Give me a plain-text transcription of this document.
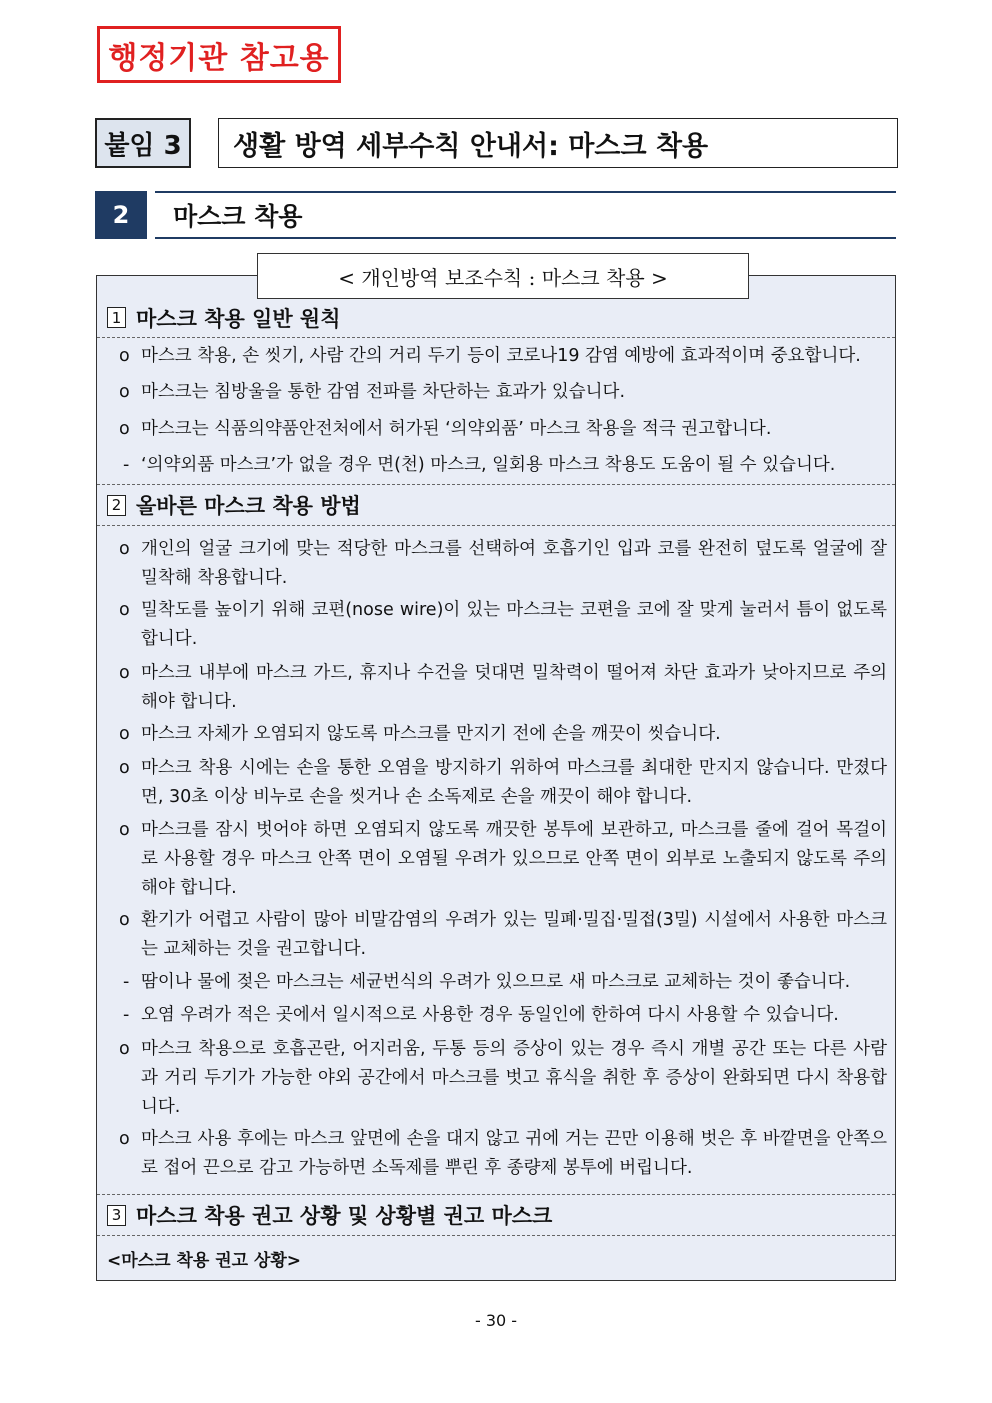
행정기관 참고용
붙임 3	생활 방역 세부수칙 안내서: 마스크 착용
2	마스크 착용
< 개인방역 보조수칙 : 마스크 착용 >
1 마스크 착용 일반 원칙
o 마스크 착용, 손 씻기, 사람 간의 거리 두기 등이 코로나19 감염 예방에 효과적이며 중요합니다.
o 마스크는 침방울을 통한 감염 전파를 차단하는 효과가 있습니다.
o 마스크는 식품의약품안전처에서 허가된 ‘의약외품’ 마스크 착용을 적극 권고합니다.
- ‘의약외품 마스크’가 없을 경우 면(천) 마스크, 일회용 마스크 착용도 도움이 될 수 있습니다.
2 올바른 마스크 착용 방법
o 개인의 얼굴 크기에 맞는 적당한 마스크를 선택하여 호흡기인 입과 코를 완전히 덮도록 얼굴에 잘 밀착해 착용합니다.
o 밀착도를 높이기 위해 코편(nose wire)이 있는 마스크는 코편을 코에 잘 맞게 눌러서 틈이 없도록 합니다.
o 마스크 내부에 마스크 가드, 휴지나 수건을 덧대면 밀착력이 떨어져 차단 효과가 낮아지므로 주의해야 합니다.
o 마스크 자체가 오염되지 않도록 마스크를 만지기 전에 손을 깨끗이 씻습니다.
o 마스크 착용 시에는 손을 통한 오염을 방지하기 위하여 마스크를 최대한 만지지 않습니다. 만졌다면, 30초 이상 비누로 손을 씻거나 손 소독제로 손을 깨끗이 해야 합니다.
o 마스크를 잠시 벗어야 하면 오염되지 않도록 깨끗한 봉투에 보관하고, 마스크를 줄에 걸어 목걸이로 사용할 경우 마스크 안쪽 면이 오염될 우려가 있으므로 안쪽 면이 외부로 노출되지 않도록 주의해야 합니다.
o 환기가 어렵고 사람이 많아 비말감염의 우려가 있는 밀폐·밀집·밀접(3밀) 시설에서 사용한 마스크는 교체하는 것을 권고합니다.
- 땀이나 물에 젖은 마스크는 세균번식의 우려가 있으므로 새 마스크로 교체하는 것이 좋습니다.
- 오염 우려가 적은 곳에서 일시적으로 사용한 경우 동일인에 한하여 다시 사용할 수 있습니다.
o 마스크 착용으로 호흡곤란, 어지러움, 두통 등의 증상이 있는 경우 즉시 개별 공간 또는 다른 사람과 거리 두기가 가능한 야외 공간에서 마스크를 벗고 휴식을 취한 후 증상이 완화되면 다시 착용합니다.
o 마스크 사용 후에는 마스크 앞면에 손을 대지 않고 귀에 거는 끈만 이용해 벗은 후 바깥면을 안쪽으로 접어 끈으로 감고 가능하면 소독제를 뿌린 후 종량제 봉투에 버립니다.
3 마스크 착용 권고 상황 및 상황별 권고 마스크
<마스크 착용 권고 상황>
- 30 -
